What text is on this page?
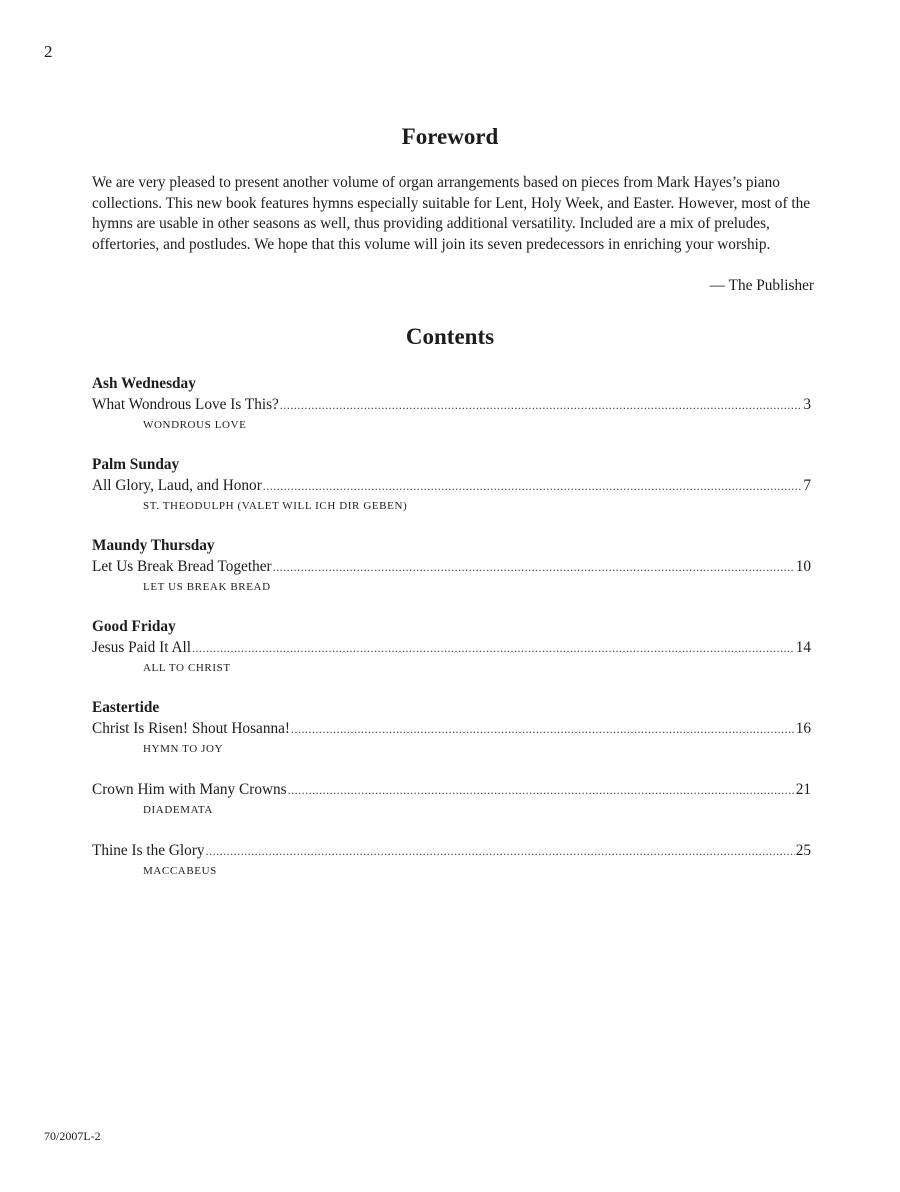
2
Foreword

We are very pleased to present another volume of organ arrangements based on pieces from Mark Hayes’s piano collections. This new book features hymns especially suitable for Lent, Holy Week, and Easter. However, most of the hymns are usable in other seasons as well, thus providing additional versatility. Included are a mix of preludes, offertories, and postludes. We hope that this volume will join its seven predecessors in enriching your worship.

— The Publisher
Contents
Ash Wednesday
What Wondrous Love Is This? .....	3
WONDROUS LOVE
Palm Sunday
All Glory, Laud, and Honor .....	7
ST. THEODULPH (VALET WILL ICH DIR GEBEN)
Maundy Thursday
Let Us Break Bread Together .....	10
LET US BREAK BREAD
Good Friday
Jesus Paid It All .....	14
ALL TO CHRIST
Eastertide
Christ Is Risen! Shout Hosanna! .....	16
HYMN TO JOY
Crown Him with Many Crowns .....	21
DIADEMATA
Thine Is the Glory .....	25
MACCABEUS
70/2007L-2
